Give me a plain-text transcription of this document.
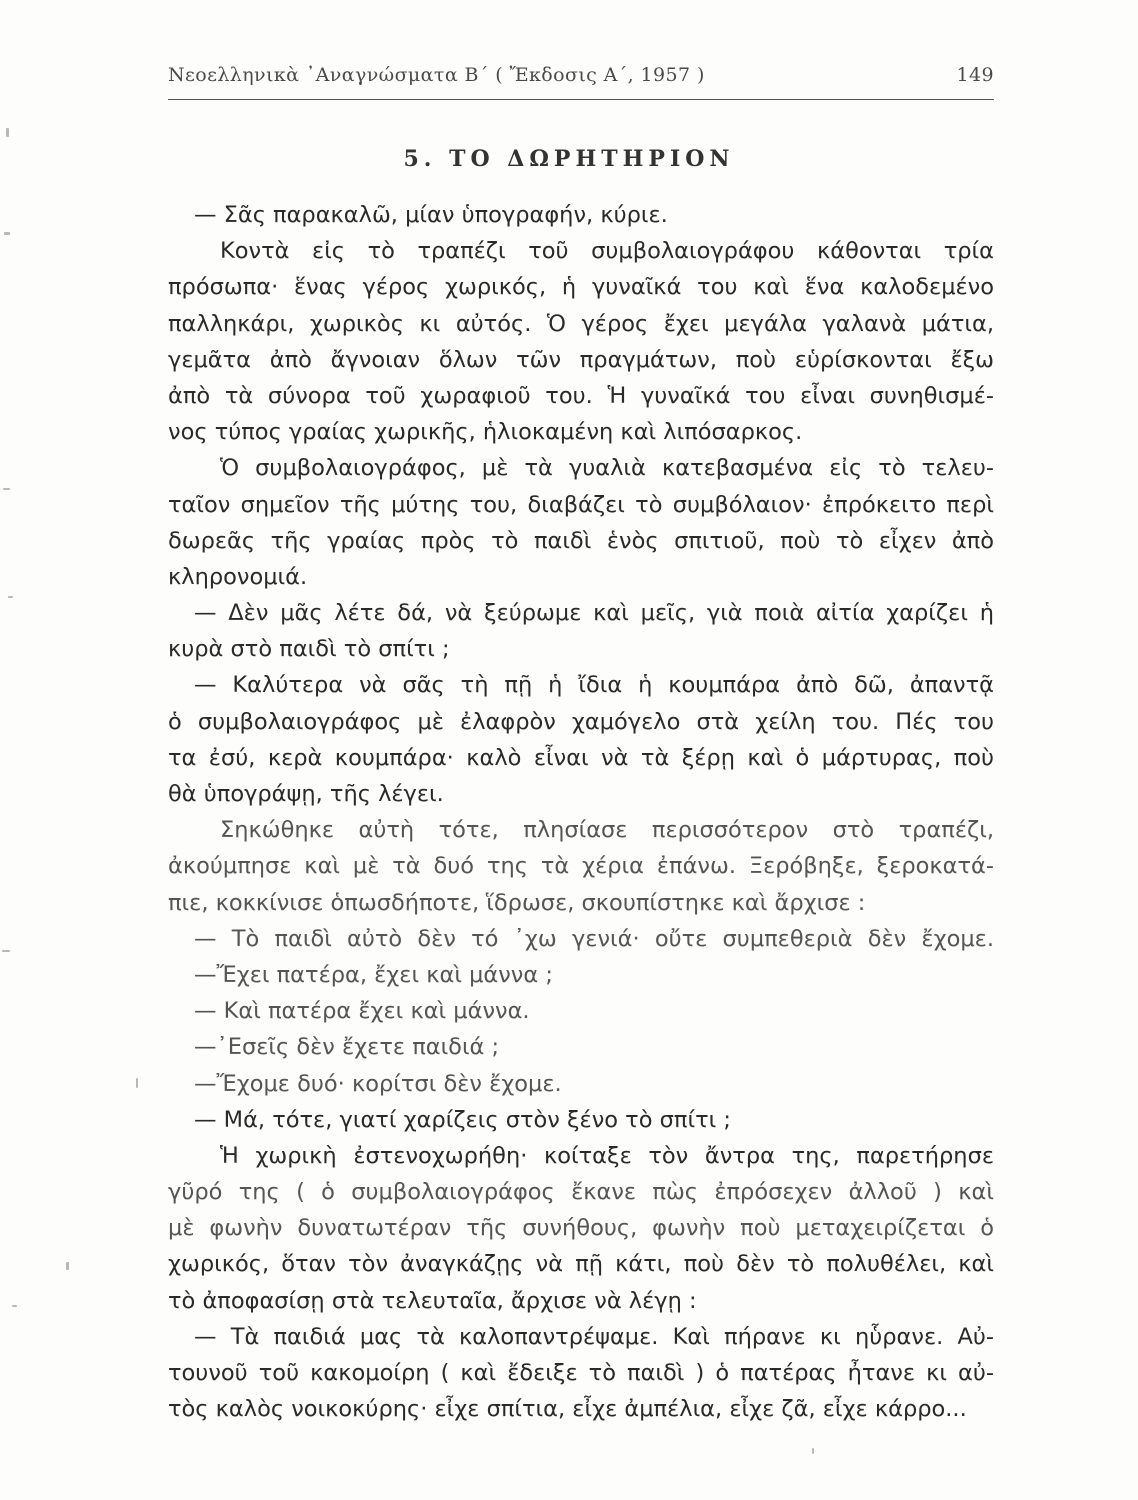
Νεοελληνικὰ ᾿Αναγνώσματα Β΄ ( Ἔκδοσις Α΄, 1957 )	149
5. ΤΟ ΔΩΡΗΤΗΡΙΟΝ
— Σᾶς παρακαλῶ, μίαν ὑπογραφήν, κύριε.
Κοντὰ εἰς τὸ τραπέζι τοῦ συμβολαιογράφου κάθονται τρία
πρόσωπα· ἕνας γέρος χωρικός, ἡ γυναῖκά του καὶ ἕνα καλοδεμένο
παλληκάρι, χωρικὸς κι αὐτός. Ὁ γέρος ἔχει μεγάλα γαλανὰ μάτια,
γεμᾶτα ἀπὸ ἄγνοιαν ὅλων τῶν πραγμάτων, ποὺ εὑρίσκονται ἔξω
ἀπὸ τὰ σύνορα τοῦ χωραφιοῦ του. Ἡ γυναῖκά του εἶναι συνηθισμέ-
νος τύπος γραίας χωρικῆς, ἡλιοκαμένη καὶ λιπόσαρκος.
Ὁ συμβολαιογράφος, μὲ τὰ γυαλιὰ κατεβασμένα εἰς τὸ τελευ-
ταῖον σημεῖον τῆς μύτης του, διαβάζει τὸ συμβόλαιον· ἐπρόκειτο περὶ
δωρεᾶς τῆς γραίας πρὸς τὸ παιδὶ ἑνὸς σπιτιοῦ, ποὺ τὸ εἶχεν ἀπὸ
κληρονομιά.
— Δὲν μᾶς λέτε δά, νὰ ξεύρωμε καὶ μεῖς, γιὰ ποιὰ αἰτία χαρίζει ἡ
κυρὰ στὸ παιδὶ τὸ σπίτι ;
— Καλύτερα νὰ σᾶς τὴ πῇ ἡ ἴδια ἡ κουμπάρα ἀπὸ δῶ, ἀπαντᾷ
ὁ συμβολαιογράφος μὲ ἐλαφρὸν χαμόγελο στὰ χείλη του. Πές του
τα ἐσύ, κερὰ κουμπάρα· καλὸ εἶναι νὰ τὰ ξέρῃ καὶ ὁ μάρτυρας, ποὺ
θὰ ὑπογράψῃ, τῆς λέγει.
Σηκώθηκε αὐτὴ τότε, πλησίασε περισσότερον στὸ τραπέζι,
ἀκούμπησε καὶ μὲ τὰ δυό της τὰ χέρια ἐπάνω. Ξερόβηξε, ξεροκατά-
πιε, κοκκίνισε ὁπωσδήποτε, ἵδρωσε, σκουπίστηκε καὶ ἄρχισε :
— Τὸ παιδὶ αὐτὸ δὲν τό ᾿χω γενιά· οὔτε συμπεθεριὰ δὲν ἔχομε.
—Ἔχει πατέρα, ἔχει καὶ μάννα ;
— Καὶ πατέρα ἔχει καὶ μάννα.
—᾿Εσεῖς δὲν ἔχετε παιδιά ;
—Ἔχομε δυό· κορίτσι δὲν ἔχομε.
— Μά, τότε, γιατί χαρίζεις στὸν ξένο τὸ σπίτι ;
Ἡ χωρικὴ ἐστενοχωρήθη· κοίταξε τὸν ἄντρα της, παρετήρησε
γῦρό της ( ὁ συμβολαιογράφος ἔκανε πὼς ἐπρόσεχεν ἀλλοῦ ) καὶ
μὲ φωνὴν δυνατωτέραν τῆς συνήθους, φωνὴν ποὺ μεταχειρίζεται ὁ
χωρικός, ὅταν τὸν ἀναγκάζῃς νὰ πῇ κάτι, ποὺ δὲν τὸ πολυθέλει, καὶ
τὸ ἀποφασίσῃ στὰ τελευταῖα, ἄρχισε νὰ λέγῃ :
— Τὰ παιδιά μας τὰ καλοπαντρέψαμε. Καὶ πήρανε κι ηὗρανε. Αὐ-
τουνοῦ τοῦ κακομοίρη ( καὶ ἔδειξε τὸ παιδὶ ) ὁ πατέρας ἦτανε κι αὐ-
τὸς καλὸς νοικοκύρης· εἶχε σπίτια, εἶχε ἀμπέλια, εἶχε ζᾶ, εἶχε κάρρο...
